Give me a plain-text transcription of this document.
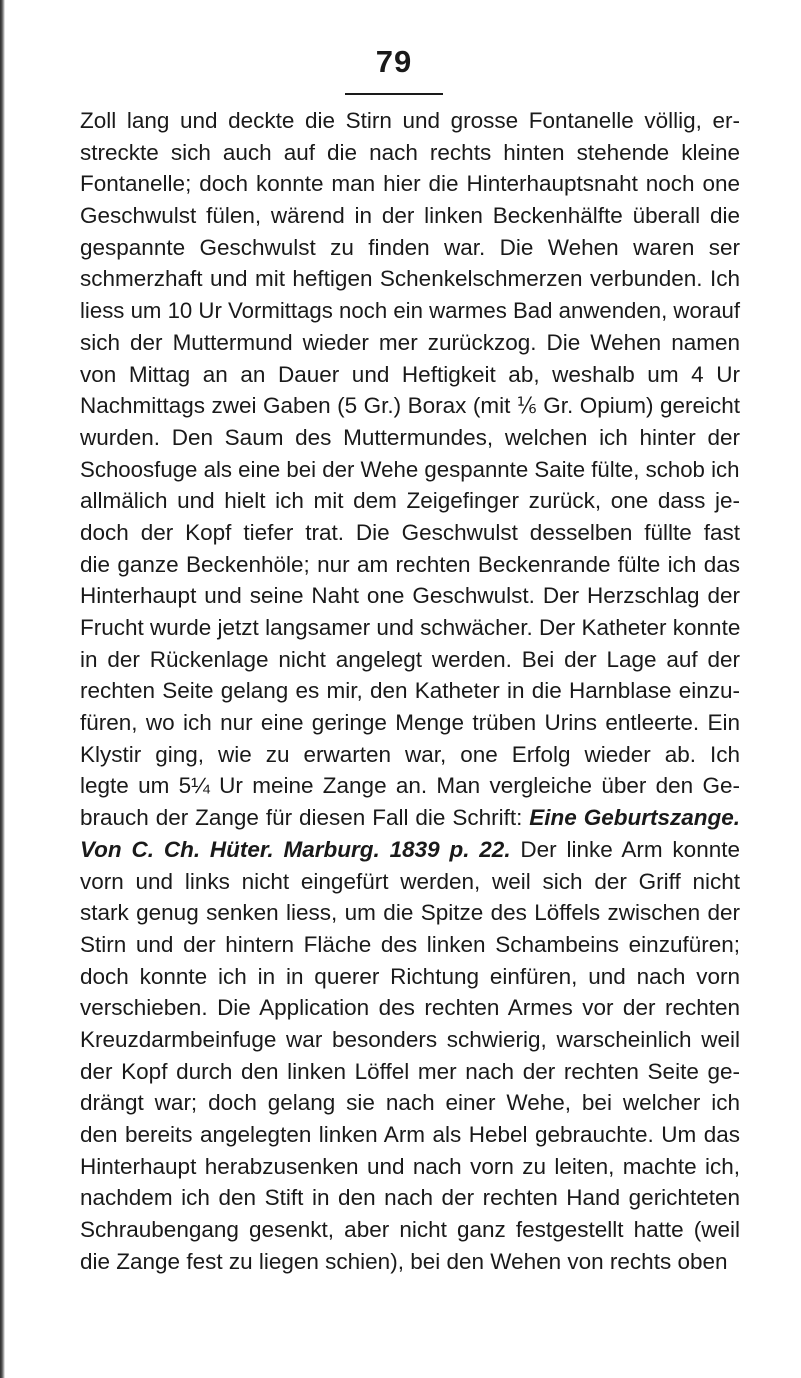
79
Zoll lang und deckte die Stirn und grosse Fontanelle völlig, er-
streckte sich auch auf die nach rechts hinten stehende kleine
Fontanelle; doch konnte man hier die Hinterhauptsnaht noch one
Geschwulst fülen, wärend in der linken Beckenhälfte überall die
gespannte Geschwulst zu finden war. Die Wehen waren ser
schmerzhaft und mit heftigen Schenkelschmerzen verbunden. Ich
liess um 10 Ur Vormittags noch ein warmes Bad anwenden, worauf
sich der Muttermund wieder mer zurückzog. Die Wehen namen
von Mittag an an Dauer und Heftigkeit ab, weshalb um 4 Ur
Nachmittags zwei Gaben (5 Gr.) Borax (mit ⅙ Gr. Opium) gereicht
wurden. Den Saum des Muttermundes, welchen ich hinter der
Schoosfuge als eine bei der Wehe gespannte Saite fülte, schob ich
allmälich und hielt ich mit dem Zeigefinger zurück, one dass je-
doch der Kopf tiefer trat. Die Geschwulst desselben füllte fast
die ganze Beckenhöle; nur am rechten Beckenrande fülte ich das
Hinterhaupt und seine Naht one Geschwulst. Der Herzschlag der
Frucht wurde jetzt langsamer und schwächer. Der Katheter konnte
in der Rückenlage nicht angelegt werden. Bei der Lage auf der
rechten Seite gelang es mir, den Katheter in die Harnblase einzu-
füren, wo ich nur eine geringe Menge trüben Urins entleerte. Ein
Klystir ging, wie zu erwarten war, one Erfolg wieder ab. Ich
legte um 5¼ Ur meine Zange an. Man vergleiche über den Ge-
brauch der Zange für diesen Fall die Schrift: Eine Geburtszange.
Von C. Ch. Hüter. Marburg. 1839 p. 22. Der linke Arm konnte
vorn und links nicht eingefürt werden, weil sich der Griff nicht
stark genug senken liess, um die Spitze des Löffels zwischen der
Stirn und der hintern Fläche des linken Schambeins einzufüren;
doch konnte ich in in querer Richtung einfüren, und nach vorn
verschieben. Die Application des rechten Armes vor der rechten
Kreuzdarmbeinfuge war besonders schwierig, warscheinlich weil
der Kopf durch den linken Löffel mer nach der rechten Seite ge-
drängt war; doch gelang sie nach einer Wehe, bei welcher ich
den bereits angelegten linken Arm als Hebel gebrauchte. Um das
Hinterhaupt herabzusenken und nach vorn zu leiten, machte ich,
nachdem ich den Stift in den nach der rechten Hand gerichteten
Schraubengang gesenkt, aber nicht ganz festgestellt hatte (weil
die Zange fest zu liegen schien), bei den Wehen von rechts oben
